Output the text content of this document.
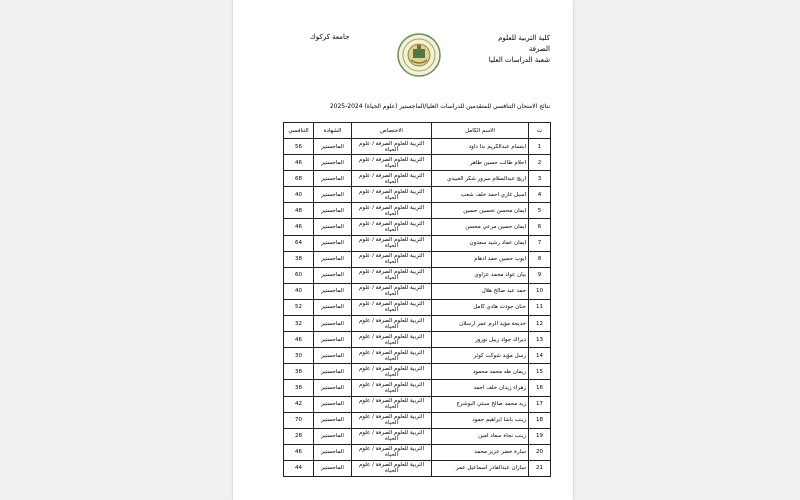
كلية التربية للعلوم الصرفة
شعبة الدراسات العليا
جامعة كركوك
نتائج الامتحان التنافسي للمتقدمين للدراسات العليا/الماجستير (علوم الحياة) 2024-2025
ت	الاسم الكامل	الاختصاص	الشهادة	التنافسي
1	ابتسام عبدالكريم ندا داود	التربية للعلوم الصرفة / علوم الحياة	الماجستير	56
2	احلام طالب حسين طاهر	التربية للعلوم الصرفة / علوم الحياة	الماجستير	46
3	اريج عبدالسلام سرور شكر العبيدي	التربية للعلوم الصرفة / علوم الحياة	الماجستير	68
4	اسيل غازي احمد خلف شعب	التربية للعلوم الصرفة / علوم الحياة	الماجستير	40
5	ايمان محسن تحسين حسين	التربية للعلوم الصرفة / علوم الحياة	الماجستير	48
6	ايمان حسين مرعي محسن	التربية للعلوم الصرفة / علوم الحياة	الماجستير	46
7	ايمان عماد رشيد سعدون	التربية للعلوم الصرفة / علوم الحياة	الماجستير	64
8	ايوب حسين حمد ادهام	التربية للعلوم الصرفة / علوم الحياة	الماجستير	38
9	بيان عواد محمد عزاوي	التربية للعلوم الصرفة / علوم الحياة	الماجستير	60
10	حمد عبد صالح هلال	التربية للعلوم الصرفة / علوم الحياة	الماجستير	40
11	حنان جودت هادي كامل	التربية للعلوم الصرفة / علوم الحياة	الماجستير	52
12	خديجة مؤيد الرم عمر ارسلان	التربية للعلوم الصرفة / علوم الحياة	الماجستير	32
13	ديراك جواد زبيل نوروز	التربية للعلوم الصرفة / علوم الحياة	الماجستير	46
14	رسل مؤيد شوكت كوثر	التربية للعلوم الصرفة / علوم الحياة	الماجستير	30
15	ريمان طه محمد محمود	التربية للعلوم الصرفة / علوم الحياة	الماجستير	38
16	زهراء زيدان خلف احمد	التربية للعلوم الصرفة / علوم الحياة	الماجستير	38
17	زيد محمد صالح سبتي البوشرج	التربية للعلوم الصرفة / علوم الحياة	الماجستير	42
18	زينب باشا ابراهيم حمود	التربية للعلوم الصرفة / علوم الحياة	الماجستير	70
19	زينب نجاة سعاد امين	التربية للعلوم الصرفة / علوم الحياة	الماجستير	28
20	سارة خضر عزيز محمد	التربية للعلوم الصرفة / علوم الحياة	الماجستير	46
21	سازان عبدالقادر اسماعيل عمر	التربية للعلوم الصرفة / علوم الحياة	الماجستير	44
